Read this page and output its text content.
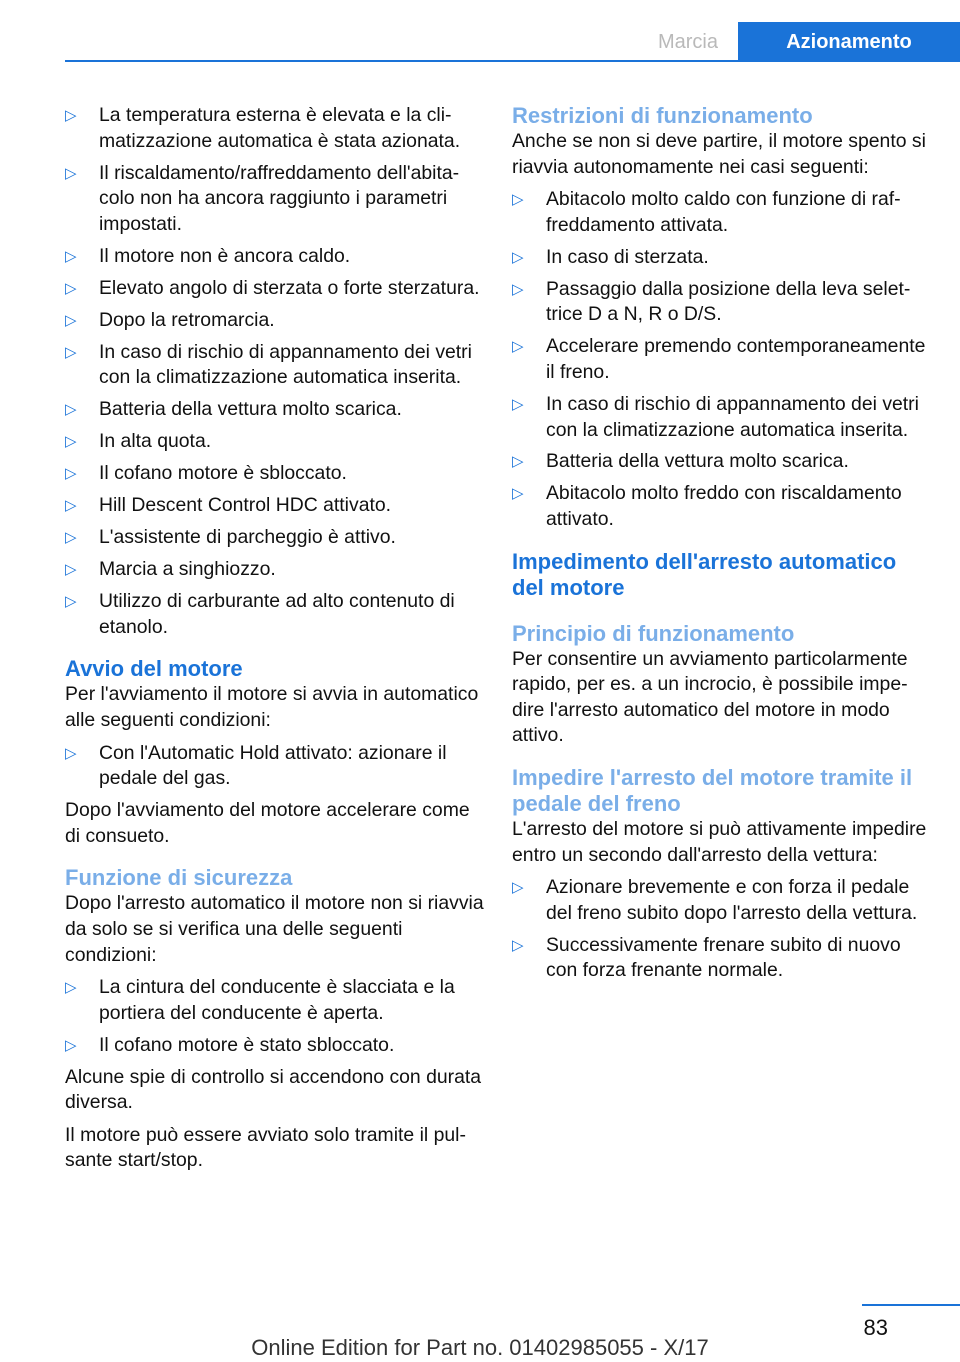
Marcia	Azionamento
▷ La temperatura esterna è elevata e la climatizzazione automatica è stata azionata.
▷ Il riscaldamento/raffreddamento dell'abitacolo non ha ancora raggiunto i parametri impostati.
▷ Il motore non è ancora caldo.
▷ Elevato angolo di sterzata o forte sterzatura.
▷ Dopo la retromarcia.
▷ In caso di rischio di appannamento dei vetri con la climatizzazione automatica inserita.
▷ Batteria della vettura molto scarica.
▷ In alta quota.
▷ Il cofano motore è sbloccato.
▷ Hill Descent Control HDC attivato.
▷ L'assistente di parcheggio è attivo.
▷ Marcia a singhiozzo.
▷ Utilizzo di carburante ad alto contenuto di etanolo.
Avvio del motore

Per l'avviamento il motore si avvia in automatico alle seguenti condizioni:

▷ Con l'Automatic Hold attivato: azionare il pedale del gas.

Dopo l'avviamento del motore accelerare come di consueto.

Funzione di sicurezza

Dopo l'arresto automatico il motore non si riavvia da solo se si verifica una delle seguenti condizioni:

▷ La cintura del conducente è slacciata e la portiera del conducente è aperta.
▷ Il cofano motore è stato sbloccato.

Alcune spie di controllo si accendono con durata diversa.

Il motore può essere avviato solo tramite il pulsante start/stop.

Restrizioni di funzionamento

Anche se non si deve partire, il motore spento si riavvia autonomamente nei casi seguenti:

▷ Abitacolo molto caldo con funzione di raffreddamento attivata.
▷ In caso di sterzata.
▷ Passaggio dalla posizione della leva selettrice D a N, R o D/S.
▷ Accelerare premendo contemporaneamente il freno.
▷ In caso di rischio di appannamento dei vetri con la climatizzazione automatica inserita.
▷ Batteria della vettura molto scarica.
▷ Abitacolo molto freddo con riscaldamento attivato.
Impedimento dell'arresto automatico del motore
Principio di funzionamento

Per consentire un avviamento particolarmente rapido, per es. a un incrocio, è possibile impedire l'arresto automatico del motore in modo attivo.

Impedire l'arresto del motore tramite il pedale del freno

L'arresto del motore si può attivamente impedire entro un secondo dall'arresto della vettura:

▷ Azionare brevemente e con forza il pedale del freno subito dopo l'arresto della vettura.
▷ Successivamente frenare subito di nuovo con forza frenante normale.
83
Online Edition for Part no. 01402985055 - X/17
